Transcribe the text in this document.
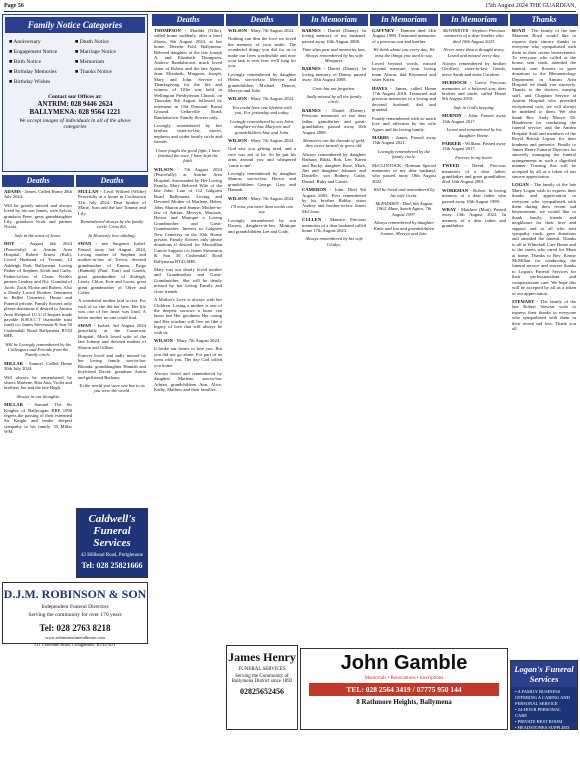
Page 56	15th August 2024 THE GUARDIAN,
Family Notice Categories
■ Anniversary
■ Engagement Notice
■ Birth Notice
■ Birthday Memories
■ Birthday Wishes
■ Death Notice
■ Marriage Notice
■ Memoriam
■ Thanks Notice
Contact our Offices at:
ANTRIM: 028 9446 2624
BALLYMENA: 028 9564 1221
We accept images of individuals in all of the above categories
Deaths

ADAMS - James. Called Home 28th July 2024.

Will be greatly missed and always loved by his son James, wife Sylvia, grandson Peter, great granddaughter Lily, grandson Scott and partner Nicola.

Safe in the arms of Jesus.

HOY - August 6th 2024 (Peacefully) at Antrim Area Hospital, Robert Ernest (Bob), Loved Husband of Yvonne, 14 Ashleigh Park, Ballymena. Loving Father of Stephen, Keith and Cathy. Father-in-law of Claire, Keith's partner Lindsey and Nic. Grandad of Jacob, Zach, Eloise and Robert. Also a Dearly Loved Brother. Interment in Ballee Cemetery. House and Funeral private. Family flowers only please donations if desired to Antrim Area Hospital I.C.U (Cheques made payable N.H.S.C.T charitable trust fund) c/o James Stevenson & Son 30 Cushendall Road Ballymena BT43 6HE.

Will be Lovingly remembered by his Colleagues and Friends from the Family circle.

MILLAR - Samuel. Called Home 30th July 2024.

Will always be remembered by sisters Marlene, Rita Ann, Violet and brothers Joe and the late Hugh.

Always in our thoughts.

MILLAR - Samuel. The Sir Knights of Ballyrogan RBP 1090 regrets the passing of their esteemed Sir Knight and tender deepest sympathy to his family. 55 Millar WM.

Deaths

MULLAN - Cecil Wilfred (Wilfie) Peacefully at a home in Cookstown 31st July 2024. Dear brother of Marie, Ivan and the late Tommy and Lily.

Remembered always by the family circle Cross Kit.

In Heavenly love abiding.

SWAN - nee Surgenor Isobel. Passed away 3rd August 2024, Loving mother of Stephen and mother-in-law of Trevor, devoted grandmother of Emma, Paige (Hannah) (Paul, Tom) and Gareth, great grandmother of Kaleigh, Lewis, Chloe, Evie and Lucas, great great grandmother of Olive and Colter.

A wonderful mother laid to rest, For each of us she did her best. Her life was one of her heart was kind, A better mother no one could find.

SWAN - Isobel, 3rd August 2024 peacefully at the Causeway Hospital. Much loved wife of the late Johnny and devoted mother of Sharon and Gillian.

Forever loved and sadly missed by her loving family son-in-law Rhonda, granddaughter Hannah and boyfriend David, grandson Aaron and girlfriend Bethany.

To the world you were one but to us you were the world.

Caldwell's Funeral Services
42 Hillhead Road, Portglenone
Tel: 028 25821666
D.J.M. ROBINSON & SON
Independent Funeral Directors
Serving the community for over 170 years
Tel: 028 2763 8218
www.robinsonsfuneralhome.com
121 Coleraine Road, Cloughmills. BT44 9DT
Deaths

THOMPSON - Matilda (Tillie), called home suddenly, after a brief illness, 8th August 2024, at her home, Deerfin Fold, Ballymena. Beloved daughter of the late Joseph A. and Elizabeth Thompson, Andrew Randalstown, much loved sister of Robert and the late Agnes, Jean, Elizabeth, Margaret, Joseph, Mary and John. Service of Thanksgiving for the life and witness of Tillie was held in Wellington Presbyterian Church, on Thursday 8th August followed by interment in Old Drumaul Burial Ground. Cedarville Road, Randalstown. Family flowers only.

Lovingly remembered by her brother, sister-in-law, nieces, nephews and wider family circle and friends.

I have fought the good fight, I have finished the race, I have kept the faith.

WILSON - 7th August 2024 (Peacefully) at Antrim Area Hospital, Surrounded by Her Loving Family, Mary Beloved Wife of the late John. Late of 112 Galgorm Road Ballymena. Loving and Devoted Mother of Marlene, Helen, John, Sharon and Jeanne, Mother-in-law of Adrian, Mervyn, Marjorie, Hector and Monique a Loving Grandmother and Great-Grandmother. Interest in Galgorm New Cemetery on the 10th. House private, Family flowers only please donations if desired for Macmillan Cancer Support c/o James Stevenson & Son 30 Cushendall Road Ballymena BT43 6HE.

Mary was our dearly loved mother and Grandmother and Great-Grandmother. She will be dearly missed by her loving Family and close friends.

A Mother's Love is always with her Children. Losing a mother is one of the deepest sorrows a heart can know but Her goodness Her caring and Her wisdom will live on like a legacy of love that will always be with us.

WILSON - Mary. 7th August 2024.

It broke our hearts to lose you, But you did not go alone, For part of us went with you, The day God called you home.

Always loved and remembered by daughter Marlene, son-in-law Adrian, grandchildren Ann, Alice, Kathy, Mathew and their families.

Deaths

WILSON - Mary. 7th August 2024.

Nothing can dim the love we loved the memory of your smile. The wonderful things you did for us to make our lives worthwhile and now your task is over how we'll long for you.

Lovingly remembered by daughter Helen, son-in-law Mervyn and grandchildren Michael, Denver, Mervyn and Julie.

WILSON - Mary. 7th August 2024.

You could have one lifetime with you, For yesterday and today.

Lovingly remembered by son John, daughter-in-law Marjorie and grandchildren Amy and John.

WILSON - Mary. 7th August 2024.

God saw you getting tired, and a cure was not to be. So he put his arms around you and whispered 'come to me'.

Lovingly remembered by daughter Sharon, son-in-law Hector and grandchildren George, Gary and Hannah.

WILSON - Mary. 7th August 2024.

I'll miss you more than words can say.

Lovingly remembered by son Darren, daughter-in-law Monique and grandchildren Lee and Cody.

James Henry
FUNERAL SERVICES
Serving the Community of Ballymena District since 1892
02825652456
In Memoriam

BARNES - Daniel (Danny). In loving memory of my husband, passed away 10th August 2008.

Time slips past and memories last, Always remembered by his wife Margaret.

BARNES - Daniel (Danny), In loving memory of Danny, passed away 10th August 2008.

Gone but not forgotten.

Sadly missed by all the family circle.

BARNES - Daniel (Danny). Precious memories of our dear father, grandfather and great-grandfather, passed away 10th August 2008.

Memories are the threads of gold, they never tarnish or grow old.

Always remembered by daughter Barbara, Rikki, Rob, Lee, Karen and Becky, daughter Rose, Mark, Jim and daughter Johnnee and Danielle, son Rodney, Cathy, Daniel, Ruby and Cassie.

CAMERON - John. Died 9th August 2003. Ever remembered by his brother Robby, sister Audrey and brother-in-law James McClean.

CULLEN - Maurice. Precious memories of a dear husband called home 17th August 2023.

Always remembered by his wife Gladys.

In Memoriam

GAFFNEY - Damien died 14th August 1999. Treasured memories of a precious son and brother.

We think about you every day, We miss the things you used to say.

Loved beyond words, missed beyond measure, your loving mum Alison, dad Raymond and sister Karen.

HAYES - James, called Home 17th August 2018. Treasured and precious memories of a loving and devoted husband, dad and grandad.

Fondly remembered with so much love and affection by his wife Agnes and his loving family.

MARRS - James. Passed away 13th August 2021.

Lovingly remembered by the family circle.

McCLINTOCK - Norman. Special memories of my dear husband, who passed away 18th August 2022.

Will be loved and remembered by his wife Greta.

McFADDEN - Dad, 6th August 1962. Mum, Sarah Agnes, 7th August 1997.

Always remembered by daughter Katie and Ian and grandchildren Joanne, Mervyn and Iain.

In Memoriam

McWHIRTER - Stephen. Precious memories of a dear brother who died 18th August 2023.

Never more than a thought away, Loved and missed every day.

Always remembered by brother Geoffrey, sister-in-law Genda, niece Sarah and sister Caroline.

MURDOCH - Gavin. Precious memories of a beloved son, dear brother and uncle, called Home 9th August 2018.

Safe in God's keeping.

MURNIN - John. Passed away 13th August 2017.

Loved and remembered by his daughter Vinnie.

PARKER - William. Passed away 13th August 2017.

Forever in my heart.

TWEED - David. Precious memories of a dear father, grandfather and great grandfather, died 12th August 2001.

WORKMAN - Robert. In loving memory of a dear father who passed away 10th August 1999.

WRAY - Matthew (Matt). Passed away 13th August 2022. In memory of a dear father and grandfather.

Thanks

BOYD - The family of the late Maureen Boyd would like to express their sincere thanks to everyone who sympathised with them in their recent bereavement. To everyone who called at the house, sent cards, attended the funeral, sent flowers or gave donations to the Rheumatology Department in Antrim Area Hospital we thank you sincerely. Thanks to the doctors, nursing staff, and Chaplain Service at Antrim Hospital who provided exceptional care, we will always be indebted to them. We also thank Rev. Andy Moore, Dr. Henderson for conducting the funeral service, and the Antrim Hospital Staff and members of the Royal British Legion for their kindness and presence. Finally to James Henry Funeral Directors for sincerely managing the funeral arrangements in such a dignified manner. Trusting this will be accepted by all as a token of our sincere appreciation.

LOGAN - The family of the late Mary Logan wish to express their thanks and appreciation to everyone who sympathised with them during their recent sad bereavement, we would like to thank family, friends and neighbours for their love and support and to all who sent sympathy cards, gave donations and attended the funeral. Thanks to all at Whitehall Care Home and to the carers who cared for Mum at home. Thanks to Rev. Kenny McMillan for conducting the funeral service and sincere thanks to Logan's Funeral Services for their professionalism and compassionate care. We hope this will be accepted by all as a token of our appreciation.

STEWART - The family of the late Robert Stewart wish to express their thanks to everyone who sympathised with them in their recent sad loss. Thank you all.

John Gamble
Memorials • Renovations • Inscriptions
TEL: 028 2564 3419 / 07775 950 144
8 Rathmore Heights, Ballymena
Logan's Funeral Services
• A FAMILY BUSINESS OFFERING A CARING AND PERSONAL SERVICE
• 24-HOUR PERSONAL CARE
• PRIVATE REST ROOM
• HEADSTONES SUPPLIED & ERECTED
12 THE DIAMOND, AHOGHILL
TEL: 028 2587 1443
